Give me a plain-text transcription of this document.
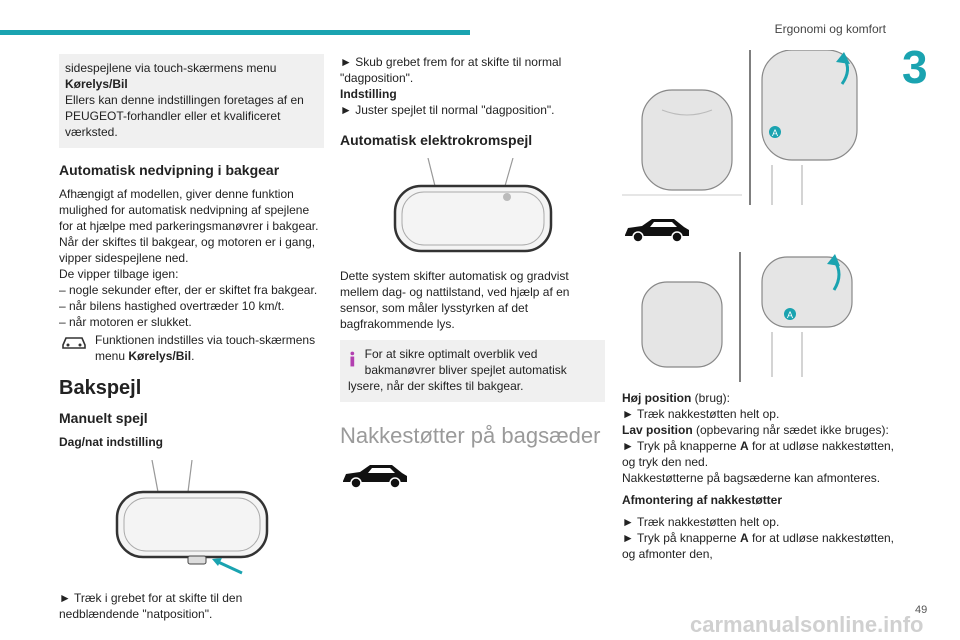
Ergonomi og komfort
3

sidespejlene via touch-skærmens menu

Kørelys/Bil

Ellers kan denne indstillingen foretages af en PEUGEOT-forhandler eller et kvalificeret værksted.

Automatisk nedvipning i bakgear

Afhængigt af modellen, giver denne funktion mulighed for automatisk nedvipning af spejlene for at hjælpe med parkeringsmanøvrer i bakgear. Når der skiftes til bakgear, og motoren er i gang, vipper sidespejlene ned.

De vipper tilbage igen:

– nogle sekunder efter, der er skiftet fra bakgear.

– når bilens hastighed overtræder 10 km/t.

– når motoren er slukket.

Funktionen indstilles via touch-skærmens menu Kørelys/Bil.
Bakspejl
Manuelt spejl
Dag/nat indstilling

► Træk i grebet for at skifte til den nedblændende "natposition".

► Skub grebet frem for at skifte til normal "dagposition".

Indstilling

► Juster spejlet til normal "dagposition".

Automatisk elektrokromspejl

Dette system skifter automatisk og gradvist mellem dag- og nattilstand, ved hjælp af en sensor, som måler lysstyrken af det bagfrakommende lys.

For at sikre optimalt overblik ved bakmanøvrer bliver spejlet automatisk

lysere, når der skiftes til bakgear.

Nakkestøtter på bagsæder
A
A

Høj position (brug):

► Træk nakkestøtten helt op.

Lav position (opbevaring når sædet ikke bruges):

► Tryk på knapperne A for at udløse nakkestøtten, og tryk den ned.

Nakkestøtterne på bagsæderne kan afmonteres.

Afmontering af nakkestøtter

► Træk nakkestøtten helt op.

► Tryk på knapperne A for at udløse nakkestøtten, og afmonter den,

49
carmanualsonline.info
